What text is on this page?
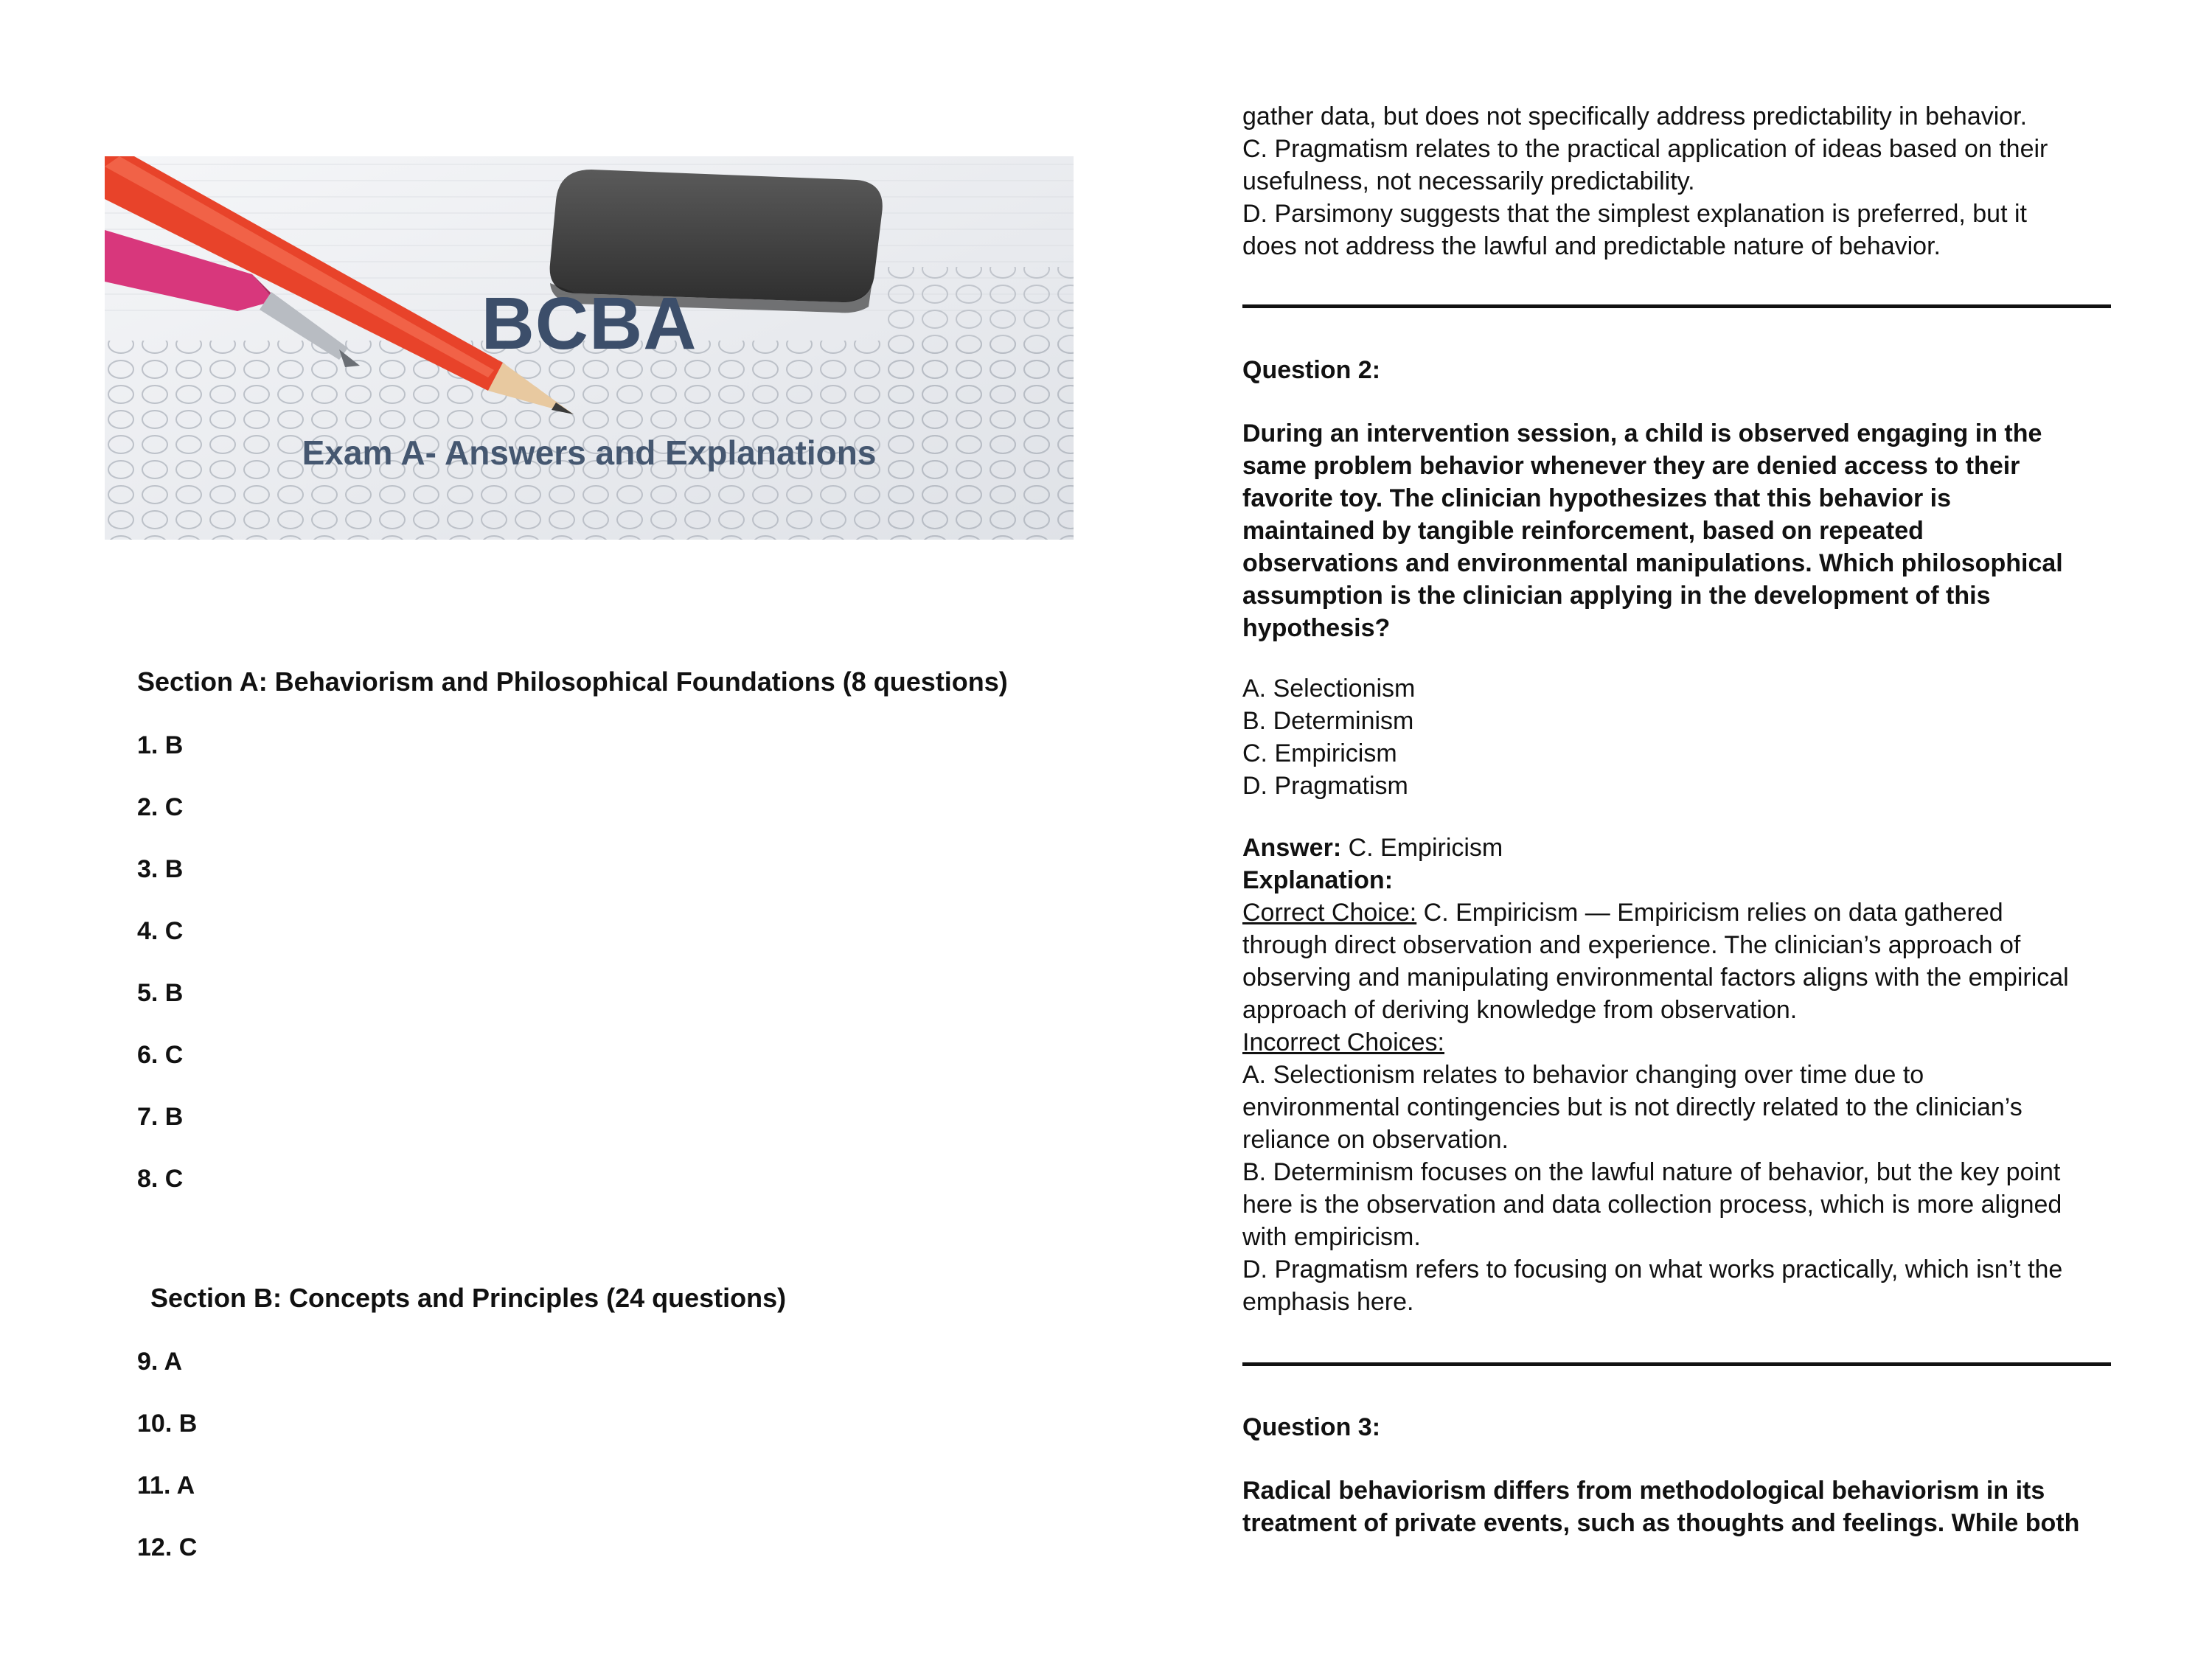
BCBA
Exam A- Answers and Explanations
Section A: Behaviorism and Philosophical Foundations (8 questions)
1. B
2. C
3. B
4. C
5. B
6. C
7. B
8. C
Section B: Concepts and Principles (24 questions)
9. A
10. B
11. A
12. C

gather data, but does not specifically address predictability in behavior.

C. Pragmatism relates to the practical application of ideas based on their

usefulness, not necessarily predictability.

D. Parsimony suggests that the simplest explanation is preferred, but it

does not address the lawful and predictable nature of behavior.

Question 2:

During an intervention session, a child is observed engaging in the

same problem behavior whenever they are denied access to their

favorite toy. The clinician hypothesizes that this behavior is

maintained by tangible reinforcement, based on repeated

observations and environmental manipulations. Which philosophical

assumption is the clinician applying in the development of this

hypothesis?

A. Selectionism

B. Determinism

C. Empiricism

D. Pragmatism

Answer: C. Empiricism

Explanation:

Correct Choice: C. Empiricism — Empiricism relies on data gathered

through direct observation and experience. The clinician’s approach of

observing and manipulating environmental factors aligns with the empirical

approach of deriving knowledge from observation.

Incorrect Choices:

A. Selectionism relates to behavior changing over time due to

environmental contingencies but is not directly related to the clinician’s

reliance on observation.

B. Determinism focuses on the lawful nature of behavior, but the key point

here is the observation and data collection process, which is more aligned

with empiricism.

D. Pragmatism refers to focusing on what works practically, which isn’t the

emphasis here.

Question 3:

Radical behaviorism differs from methodological behaviorism in its

treatment of private events, such as thoughts and feelings. While both
